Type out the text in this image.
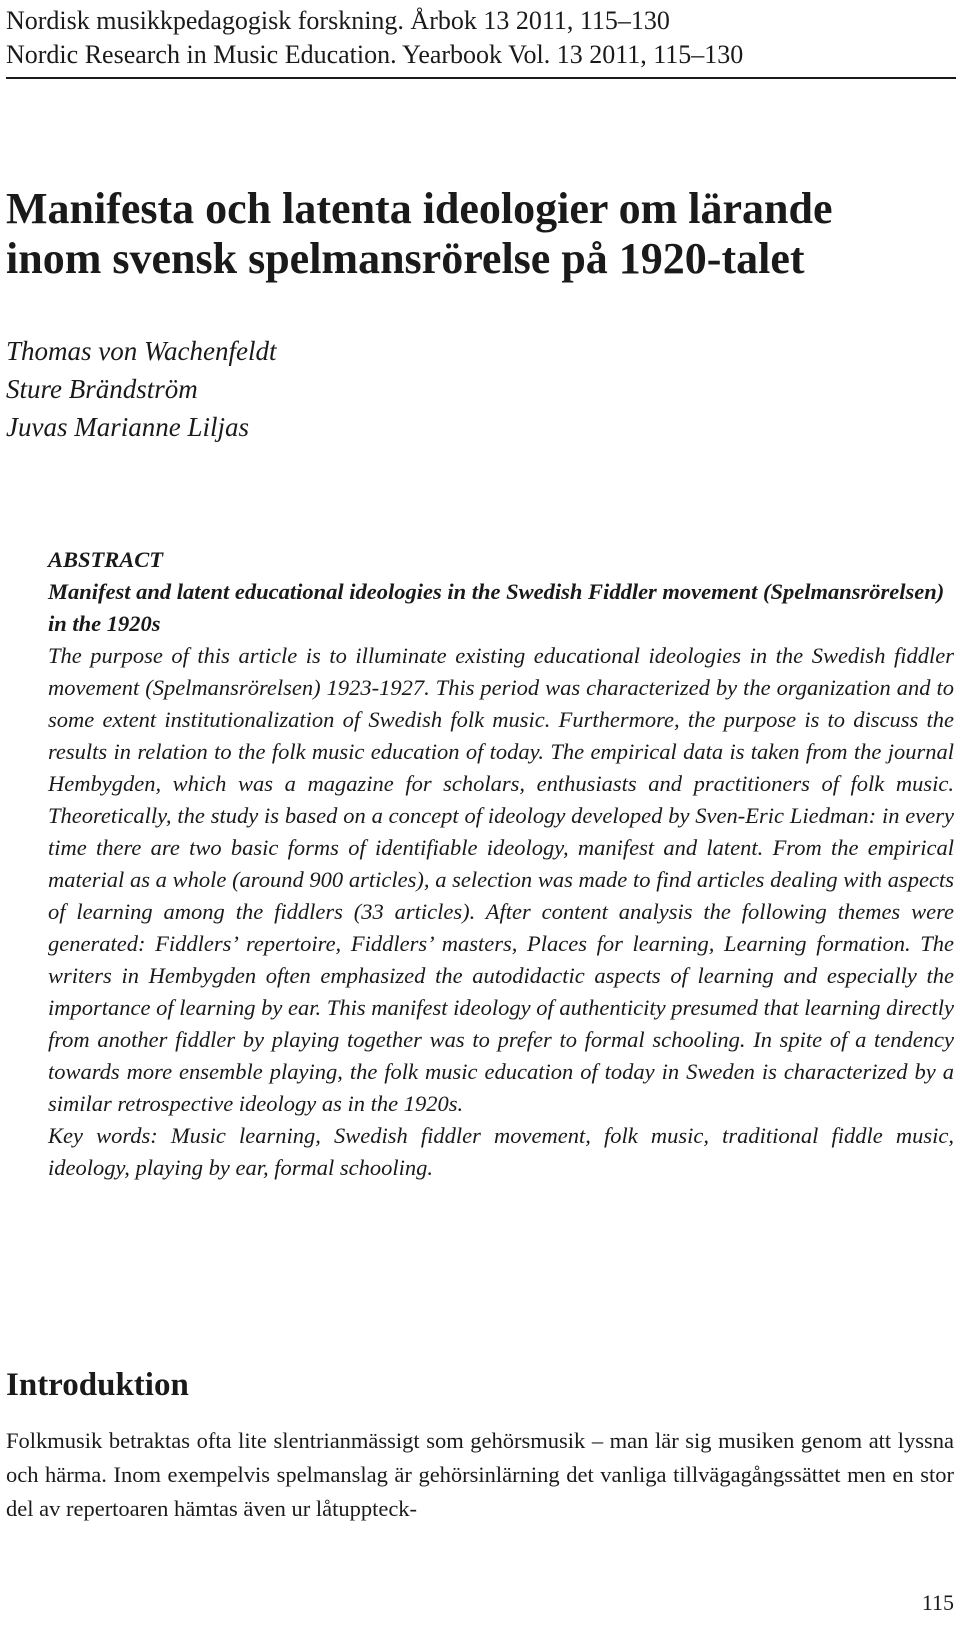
Nordisk musikkpedagogisk forskning. Årbok 13 2011, 115–130
Nordic Research in Music Education. Yearbook Vol. 13 2011, 115–130
Manifesta och latenta ideologier om lärande
inom svensk spelmansrörelse på 1920-talet
Thomas von Wachenfeldt
Sture Brändström
Juvas Marianne Liljas
ABSTRACT
Manifest and latent educational ideologies in the Swedish Fiddler movement (Spelmansrörelsen) in the 1920s
The purpose of this article is to illuminate existing educational ideologies in the Swedish fiddler movement (Spelmansrörelsen) 1923-1927. This period was characterized by the organization and to some extent institutionalization of Swedish folk music. Furthermore, the purpose is to discuss the results in relation to the folk music education of today. The empirical data is taken from the journal Hembygden, which was a magazine for scholars, enthusiasts and practitioners of folk music. Theoretically, the study is based on a concept of ideology developed by Sven-Eric Liedman: in every time there are two basic forms of identifiable ideology, manifest and latent. From the empirical material as a whole (around 900 articles), a selection was made to find articles dealing with aspects of learning among the fiddlers (33 articles). After content analysis the following themes were generated: Fiddlers’ repertoire, Fiddlers’ masters, Places for learning, Learning formation. The writers in Hembygden often emphasized the autodidactic aspects of learning and especially the importance of learning by ear. This manifest ideology of authenticity presumed that learning directly from another fiddler by playing together was to prefer to formal schooling. In spite of a tendency towards more ensemble playing, the folk music education of today in Sweden is characterized by a similar retrospective ideology as in the 1920s.
Key words: Music learning, Swedish fiddler movement, folk music, traditional fiddle music, ideology, playing by ear, formal schooling.
Introduktion

Folkmusik betraktas ofta lite slentrianmässigt som gehörsmusik – man lär sig musiken genom att lyssna och härma. Inom exempelvis spelmanslag är gehörsinlärning det vanliga tillvägagångssättet men en stor del av repertoaren hämtas även ur låtuppteck-

115
